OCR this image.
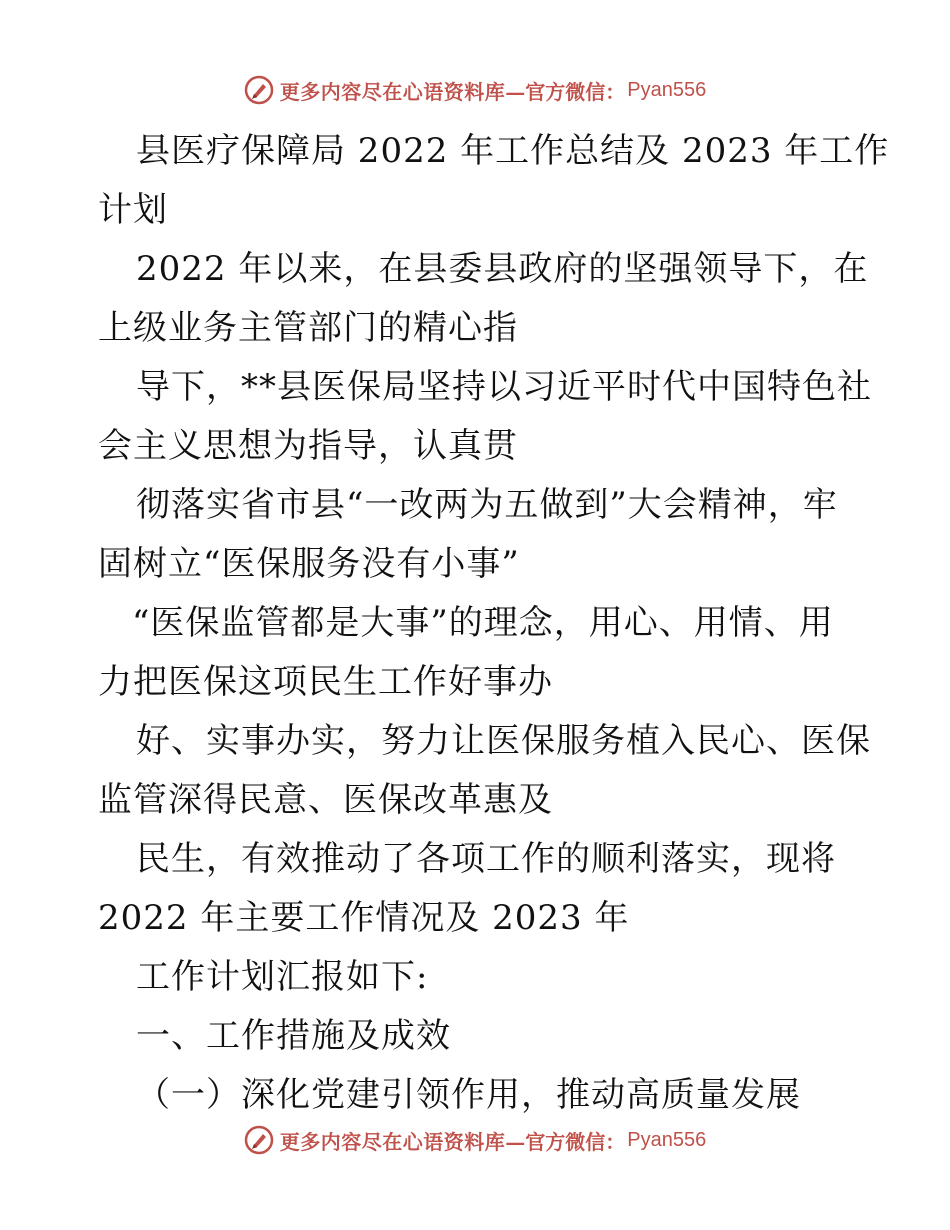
更多内容尽在心语资料库 —官方微信： Pyan556
县医疗保障局 2022 年工作总结及 2023 年工作
计划
2022 年以来，在县委县政府的坚强领导下，在
上级业务主管部门的精心指
导下，**县医保局坚持以习近平时代中国特色社
会主义思想为指导，认真贯
彻落实省市县“一改两为五做到”大会精神，牢
固树立“医保服务没有小事”
“医保监管都是大事”的理念，用心、用情、用
力把医保这项民生工作好事办
好、实事办实，努力让医保服务植入民心、医保
监管深得民意、医保改革惠及
民生，有效推动了各项工作的顺利落实，现将
2022 年主要工作情况及 2023 年
工作计划汇报如下:
一、工作措施及成效
（一）深化党建引领作用，推动高质量发展
更多内容尽在心语资料库 —官方微信： Pyan556
